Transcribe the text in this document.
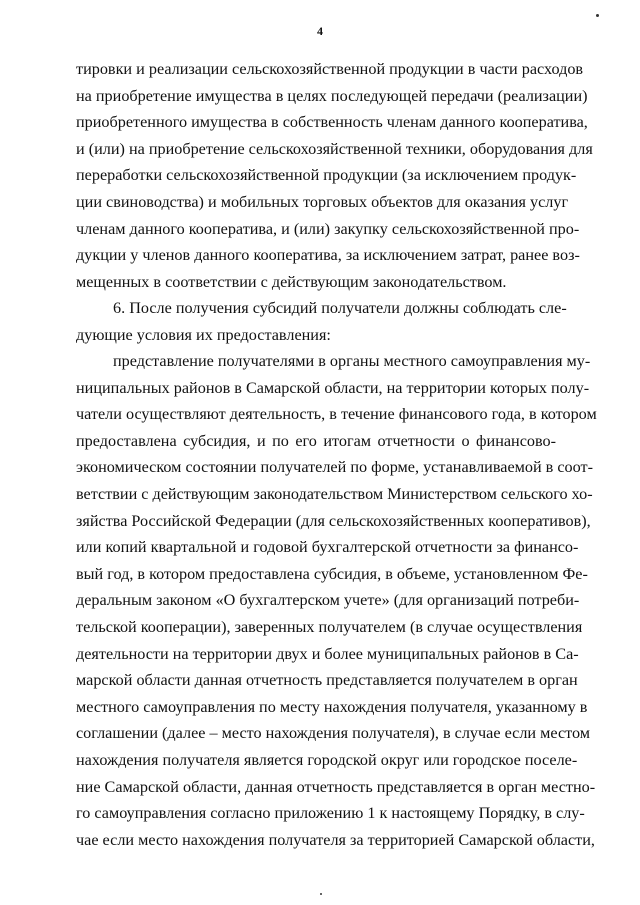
4
тировки и реализации сельскохозяйственной продукции в части расходов
на приобретение имущества в целях последующей передачи (реализации)
приобретенного имущества в собственность членам данного кооператива,
и (или) на приобретение сельскохозяйственной техники, оборудования для
переработки сельскохозяйственной продукции (за исключением продук-
ции свиноводства) и мобильных торговых объектов для оказания услуг
членам данного кооператива, и (или) закупку сельскохозяйственной про-
дукции у членов данного кооператива, за исключением затрат, ранее воз-
мещенных в соответствии с действующим законодательством.
6. После получения субсидий получатели должны соблюдать сле-
дующие условия их предоставления:
представление получателями в органы местного самоуправления му-
ниципальных районов в Самарской области, на территории которых полу-
чатели осуществляют деятельность, в течение финансового года, в котором
предоставлена субсидия, и по его итогам отчетности о финансово-
экономическом состоянии получателей по форме, устанавливаемой в соот-
ветствии с действующим законодательством Министерством сельского хо-
зяйства Российской Федерации (для сельскохозяйственных кооперативов),
или копий квартальной и годовой бухгалтерской отчетности за финансо-
вый год, в котором предоставлена субсидия, в объеме, установленном Фе-
деральным законом «О бухгалтерском учете» (для организаций потреби-
тельской кооперации), заверенных получателем (в случае осуществления
деятельности на территории двух и более муниципальных районов в Са-
марской области данная отчетность представляется получателем в орган
местного самоуправления по месту нахождения получателя, указанному в
соглашении (далее – место нахождения получателя), в случае если местом
нахождения получателя является городской округ или городское поселе-
ние Самарской области, данная отчетность представляется в орган местно-
го самоуправления согласно приложению 1 к настоящему Порядку, в слу-
чае если место нахождения получателя за территорией Самарской области,
